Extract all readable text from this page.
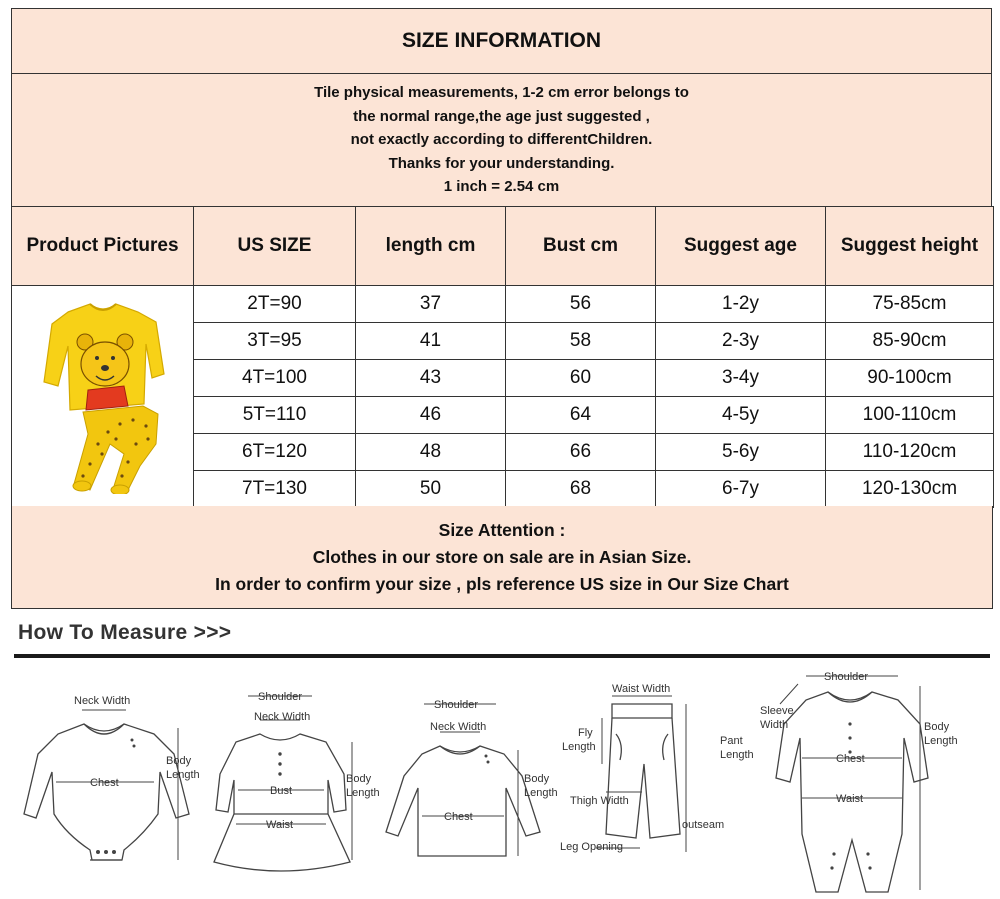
SIZE INFORMATION
Tile physical measurements, 1-2 cm error belongs to
the normal range,the age just suggested ,
not exactly according to differentChildren.
Thanks for your understanding.
1 inch = 2.54 cm
Product Pictures	US SIZE	length cm	Bust cm	Suggest age	Suggest height
	2T=90	37	56	1-2y	75-85cm
	3T=95	41	58	2-3y	85-90cm
	4T=100	43	60	3-4y	90-100cm
	5T=110	46	64	4-5y	100-110cm
	6T=120	48	66	5-6y	110-120cm
	7T=130	50	68	6-7y	120-130cm
Size Attention :
Clothes in our store on sale are in Asian Size.
In order to confirm your size , pls reference US size in Our Size Chart
How To Measure >>>
Neck Width
Chest
Body
Length
Shoulder
Neck Width
Bust
Waist
Body
Length
Shoulder
Neck Width
Chest
Body
Length
Waist Width
Fly
Length	Pant
Length
Thigh Width
outseam
Leg Opening
Shoulder
Sleeve
Width
Chest
Waist
Body
Length
